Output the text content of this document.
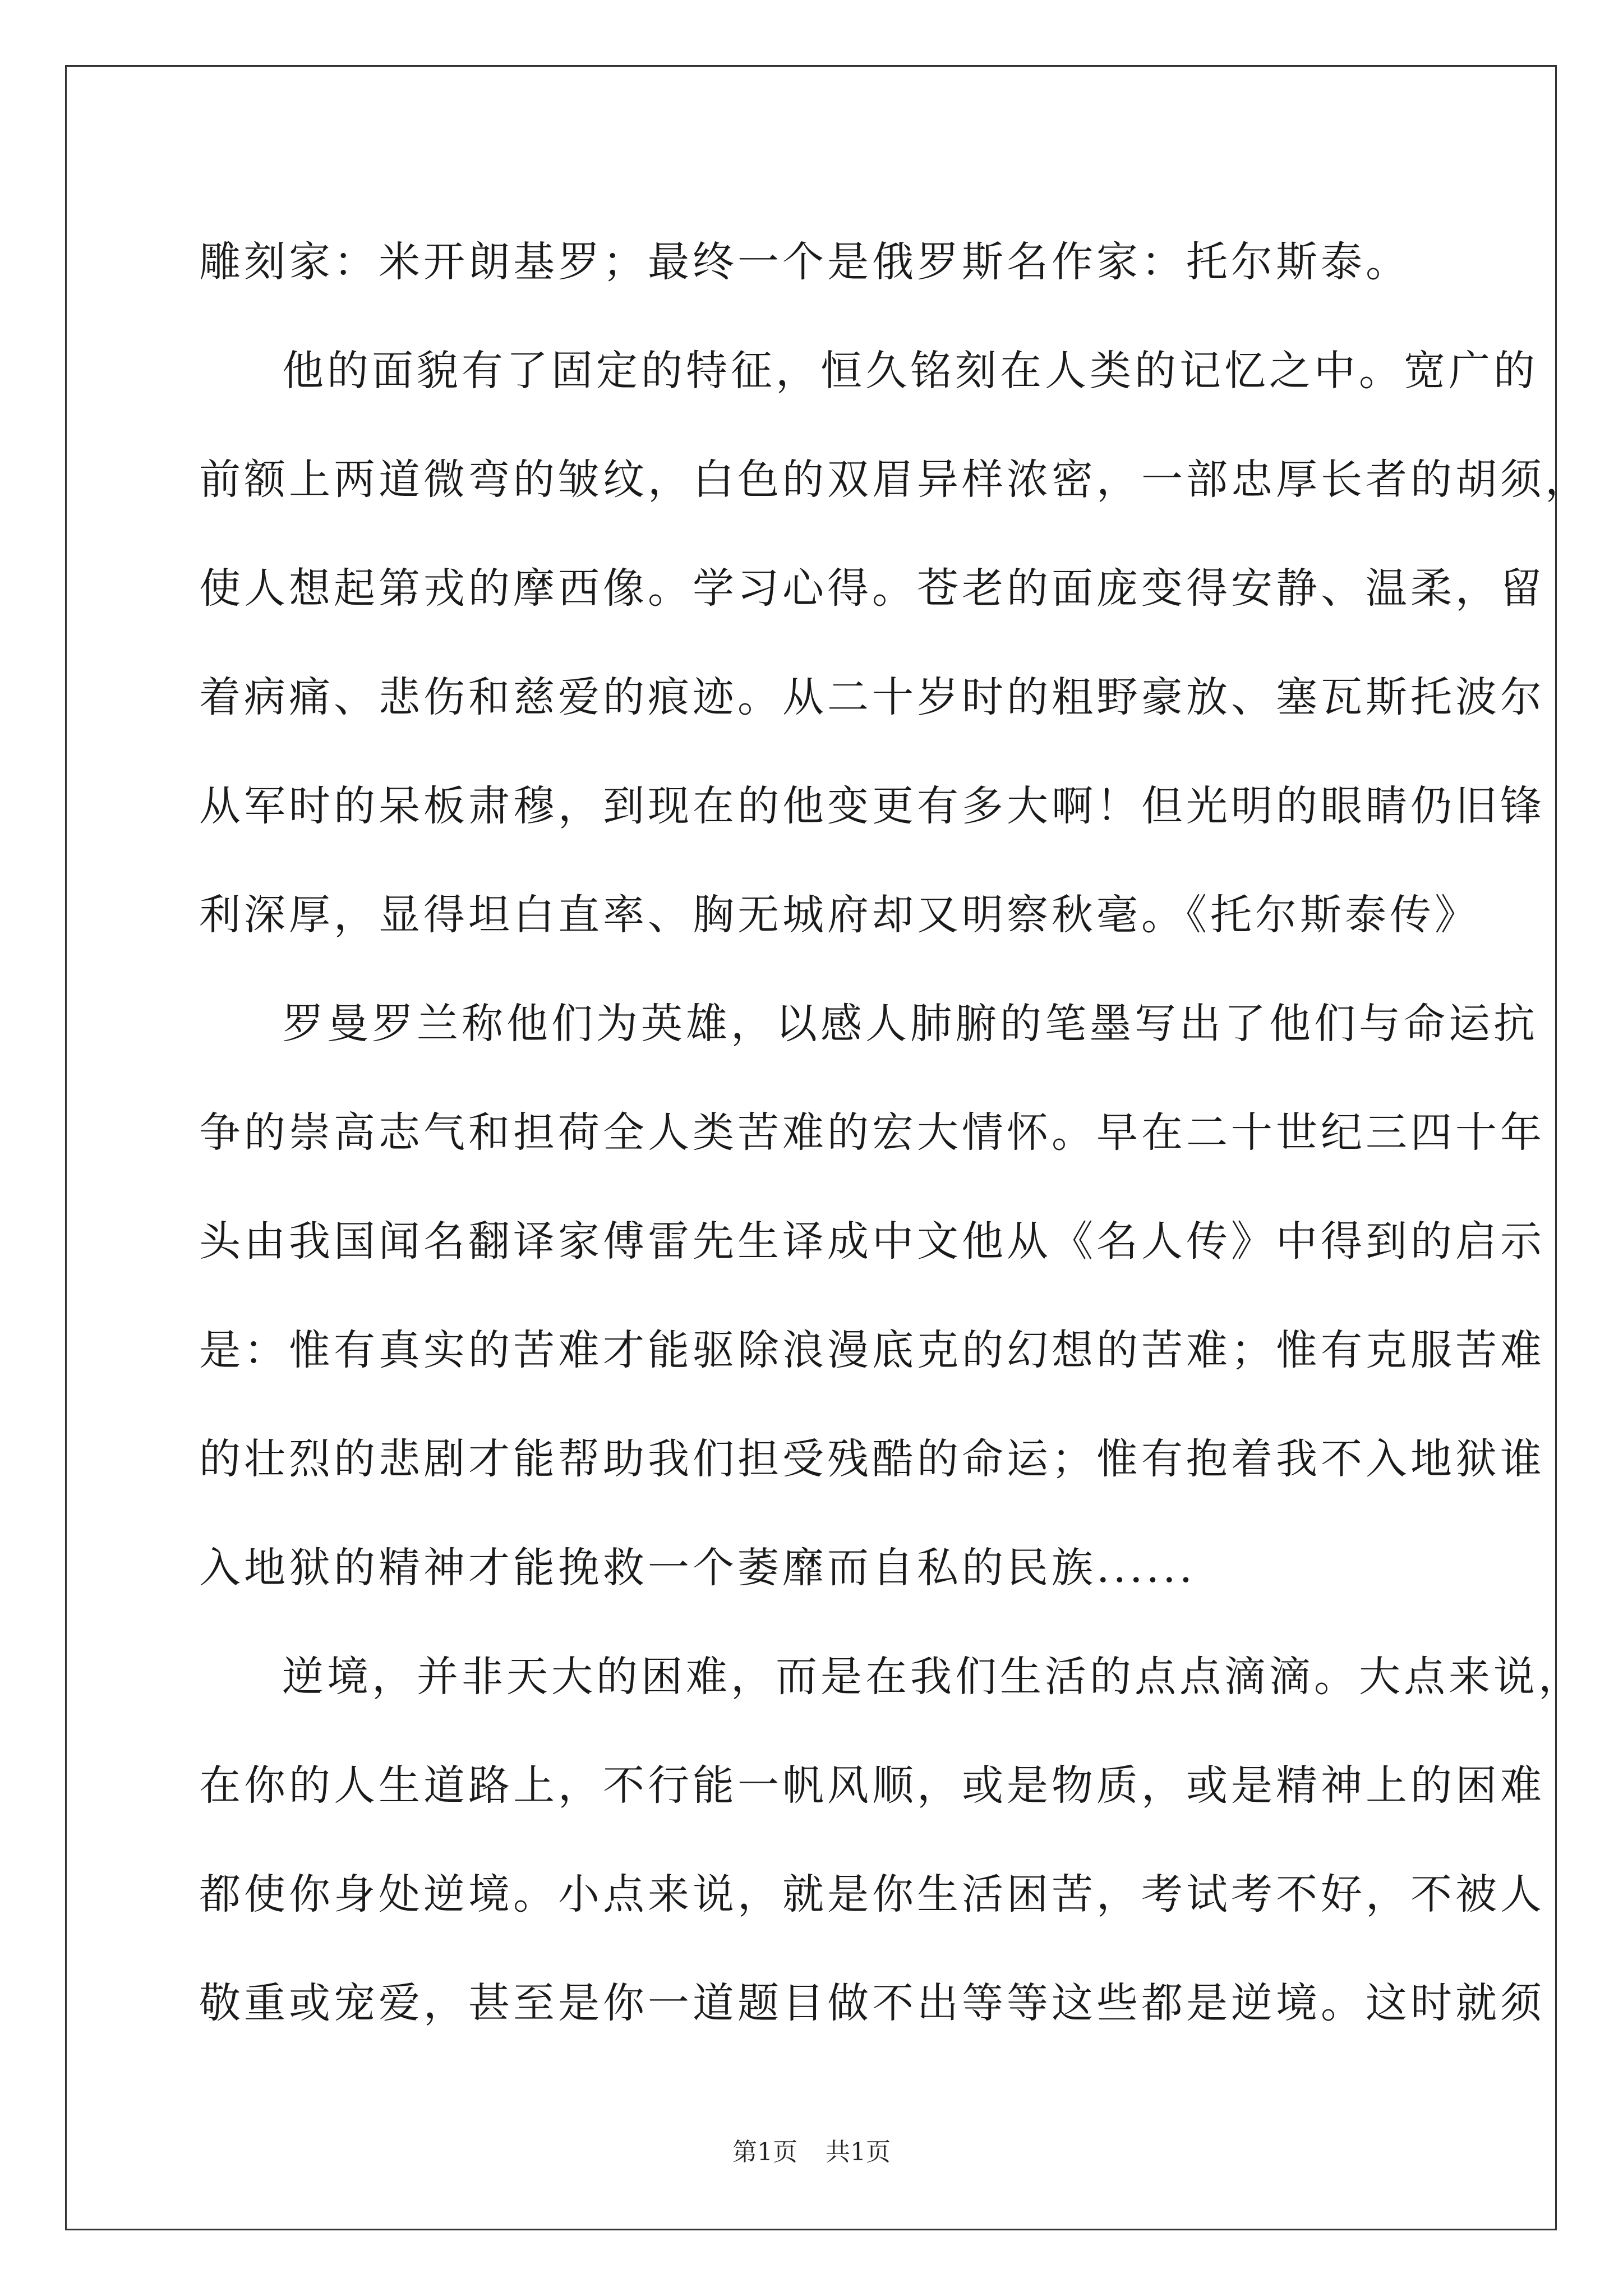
雕刻家：米开朗基罗；最终一个是俄罗斯名作家：托尔斯泰。
他的面貌有了固定的特征，恒久铭刻在人类的记忆之中。宽广的
前额上两道微弯的皱纹，白色的双眉异样浓密，一部忠厚长者的胡须，
使人想起第戎的摩西像。学习心得。苍老的面庞变得安静、温柔，留
着病痛、悲伤和慈爱的痕迹。从二十岁时的粗野豪放、塞瓦斯托波尔
从军时的呆板肃穆，到现在的他变更有多大啊！但光明的眼睛仍旧锋
利深厚，显得坦白直率、胸无城府却又明察秋毫。《托尔斯泰传》
罗曼罗兰称他们为英雄，以感人肺腑的笔墨写出了他们与命运抗
争的崇高志气和担荷全人类苦难的宏大情怀。早在二十世纪三四十年
头由我国闻名翻译家傅雷先生译成中文他从《名人传》中得到的启示
是：惟有真实的苦难才能驱除浪漫底克的幻想的苦难；惟有克服苦难
的壮烈的悲剧才能帮助我们担受残酷的命运；惟有抱着我不入地狱谁
入地狱的精神才能挽救一个萎靡而自私的民族......
逆境，并非天大的困难，而是在我们生活的点点滴滴。大点来说，
在你的人生道路上，不行能一帆风顺，或是物质，或是精神上的困难
都使你身处逆境。小点来说，就是你生活困苦，考试考不好，不被人
敬重或宠爱，甚至是你一道题目做不出等等这些都是逆境。这时就须
第1页 共1页
